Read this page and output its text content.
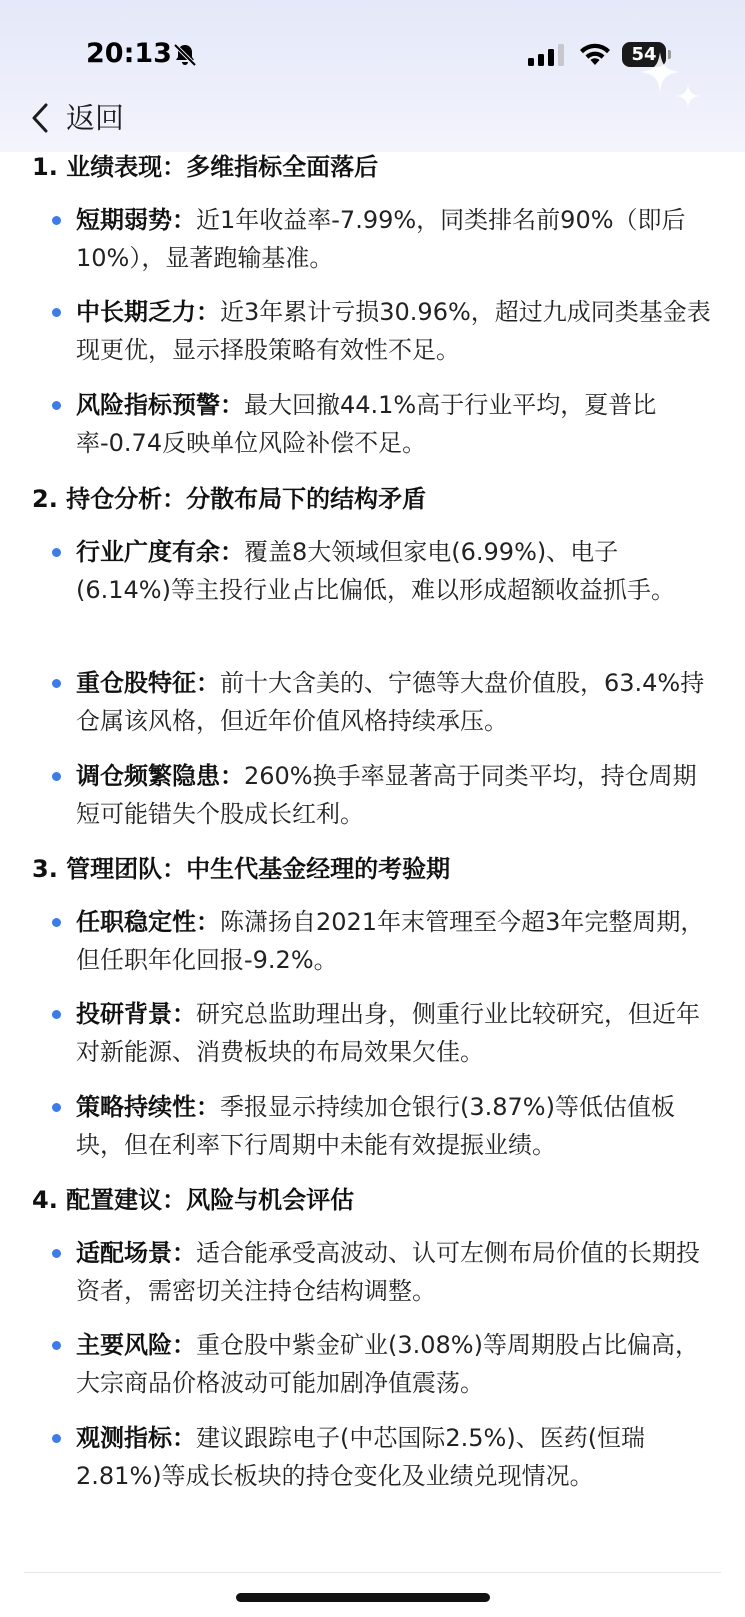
20:13	54
返回
1. 业绩表现：多维指标全面落后
短期弱势：近1年收益率-7.99%，同类排名前90%（即后10%），显著跑输基准。
中长期乏力：近3年累计亏损30.96%，超过九成同类基金表现更优，显示择股策略有效性不足。
风险指标预警：最大回撤44.1%高于行业平均，夏普比率-0.74反映单位风险补偿不足。
2. 持仓分析：分散布局下的结构矛盾
行业广度有余：覆盖8大领域但家电(6.99%)、电子(6.14%)等主投行业占比偏低，难以形成超额收益抓手。
重仓股特征：前十大含美的、宁德等大盘价值股，63.4%持仓属该风格，但近年价值风格持续承压。
调仓频繁隐患：260%换手率显著高于同类平均，持仓周期短可能错失个股成长红利。
3. 管理团队：中生代基金经理的考验期
任职稳定性：陈潇扬自2021年末管理至今超3年完整周期，但任职年化回报-9.2%。
投研背景：研究总监助理出身，侧重行业比较研究，但近年对新能源、消费板块的布局效果欠佳。
策略持续性：季报显示持续加仓银行(3.87%)等低估值板块，但在利率下行周期中未能有效提振业绩。
4. 配置建议：风险与机会评估
适配场景：适合能承受高波动、认可左侧布局价值的长期投资者，需密切关注持仓结构调整。
主要风险：重仓股中紫金矿业(3.08%)等周期股占比偏高，大宗商品价格波动可能加剧净值震荡。
观测指标：建议跟踪电子(中芯国际2.5%)、医药(恒瑞2.81%)等成长板块的持仓变化及业绩兑现情况。
